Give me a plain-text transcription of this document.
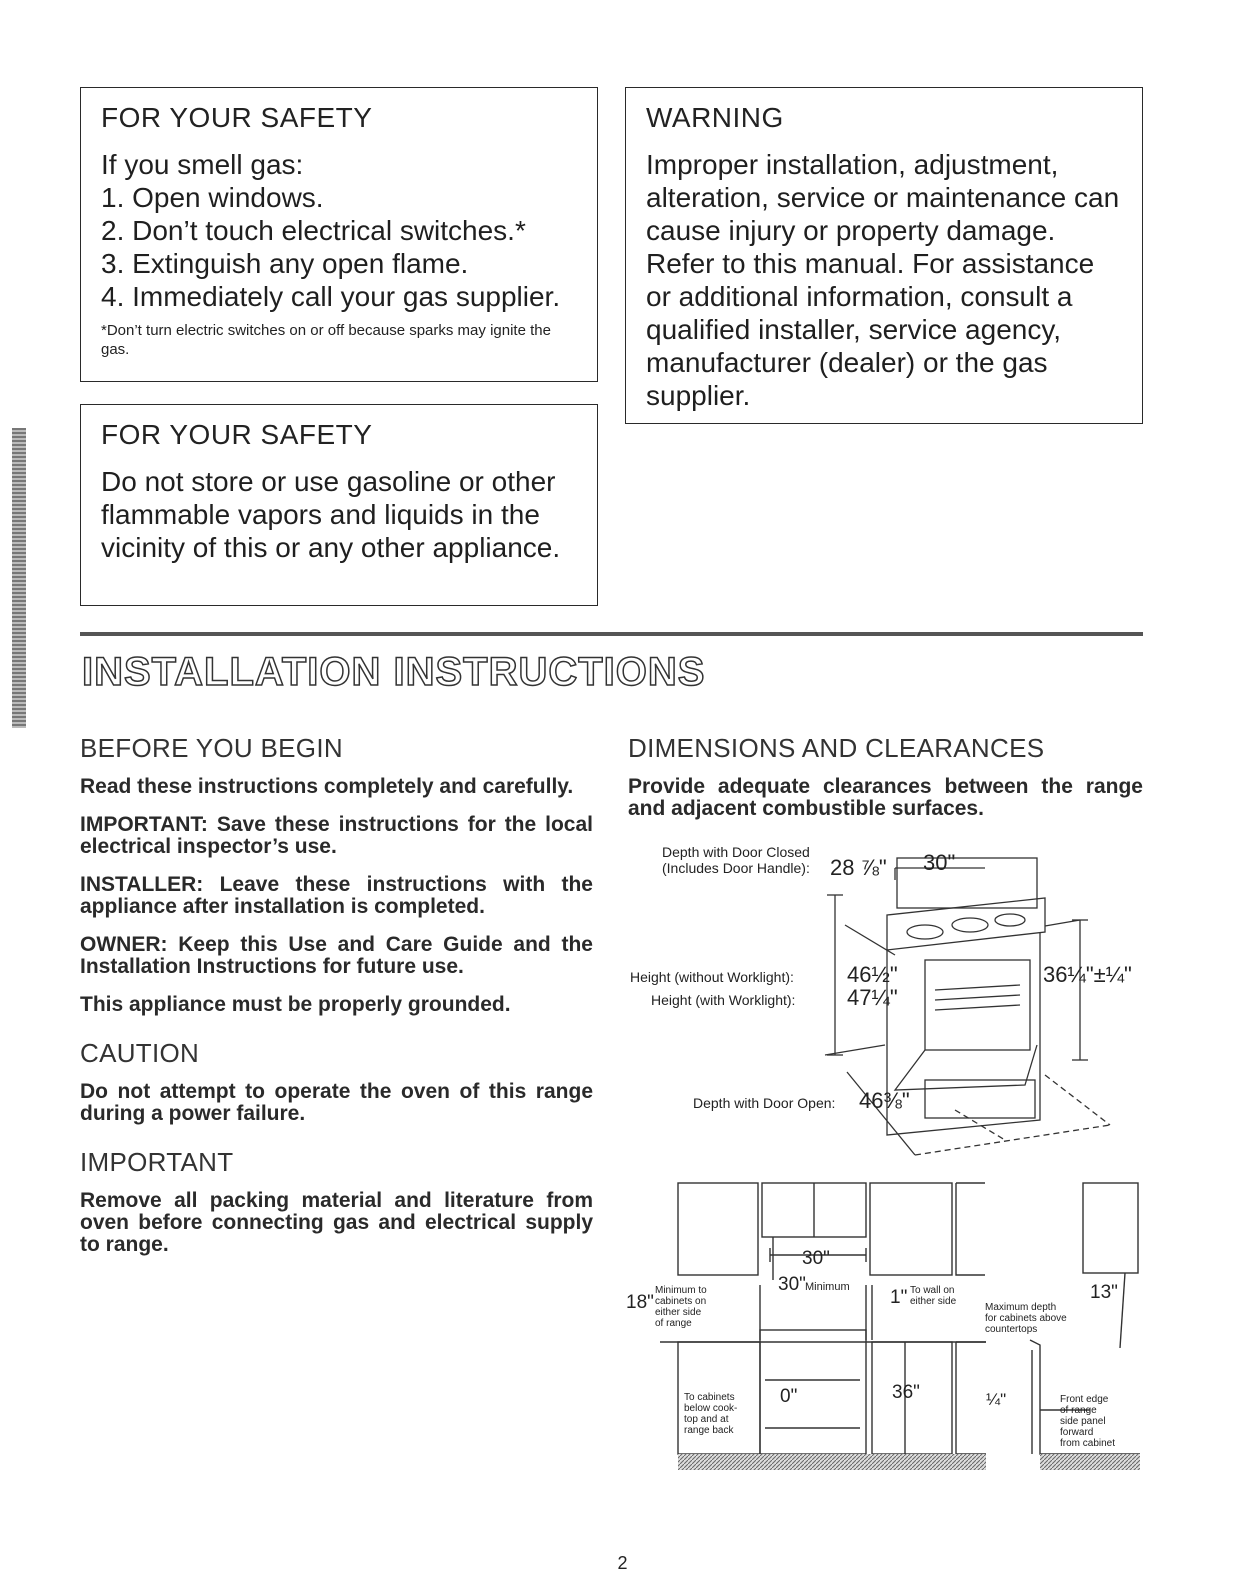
FOR YOUR SAFETY
If you smell gas:
1. Open windows.
2. Don’t touch electrical switches.*
3. Extinguish any open flame.
4. Immediately call your gas supplier.
*Don’t turn electric switches on or off because sparks may ignite the gas.
FOR YOUR SAFETY
Do not store or use gasoline or other flammable vapors and liquids in the vicinity of this or any other appliance.
WARNING
Improper installation, adjustment, alteration, service or maintenance can cause injury or property damage. Refer to this manual. For assistance or additional information, consult a qualified installer, service agency, manufacturer (dealer) or the gas supplier.
INSTALLATION INSTRUCTIONS
BEFORE YOU BEGIN
Read these instructions completely and carefully.
IMPORTANT: Save these instructions for the local electrical inspector’s use.
INSTALLER: Leave these instructions with the appliance after installation is completed.
OWNER: Keep this Use and Care Guide and the Installation Instructions for future use.
This appliance must be properly grounded.
CAUTION
Do not attempt to operate the oven of this range during a power failure.
IMPORTANT
Remove all packing material and literature from oven before connecting gas and electrical supply to range.
DIMENSIONS AND CLEARANCES
Provide adequate clearances between the range and adjacent combustible surfaces.
Depth with Door Closed
(Includes Door Handle): 28 ⅞" 30"
Height (without Worklight): 46½"
Height (with Worklight): 47¼"
36¼"±¼"
Depth with Door Open: 46⅜"
30"
30" Minimum
18"
Minimum to
cabinets on
either side
of range
1" To wall on
either side
Maximum depth
for cabinets above
countertops
13"
0"
To cabinets
below cook-
top and at
range back
36"	¼"	Front edge
of range
side panel
forward
from cabinet
2
